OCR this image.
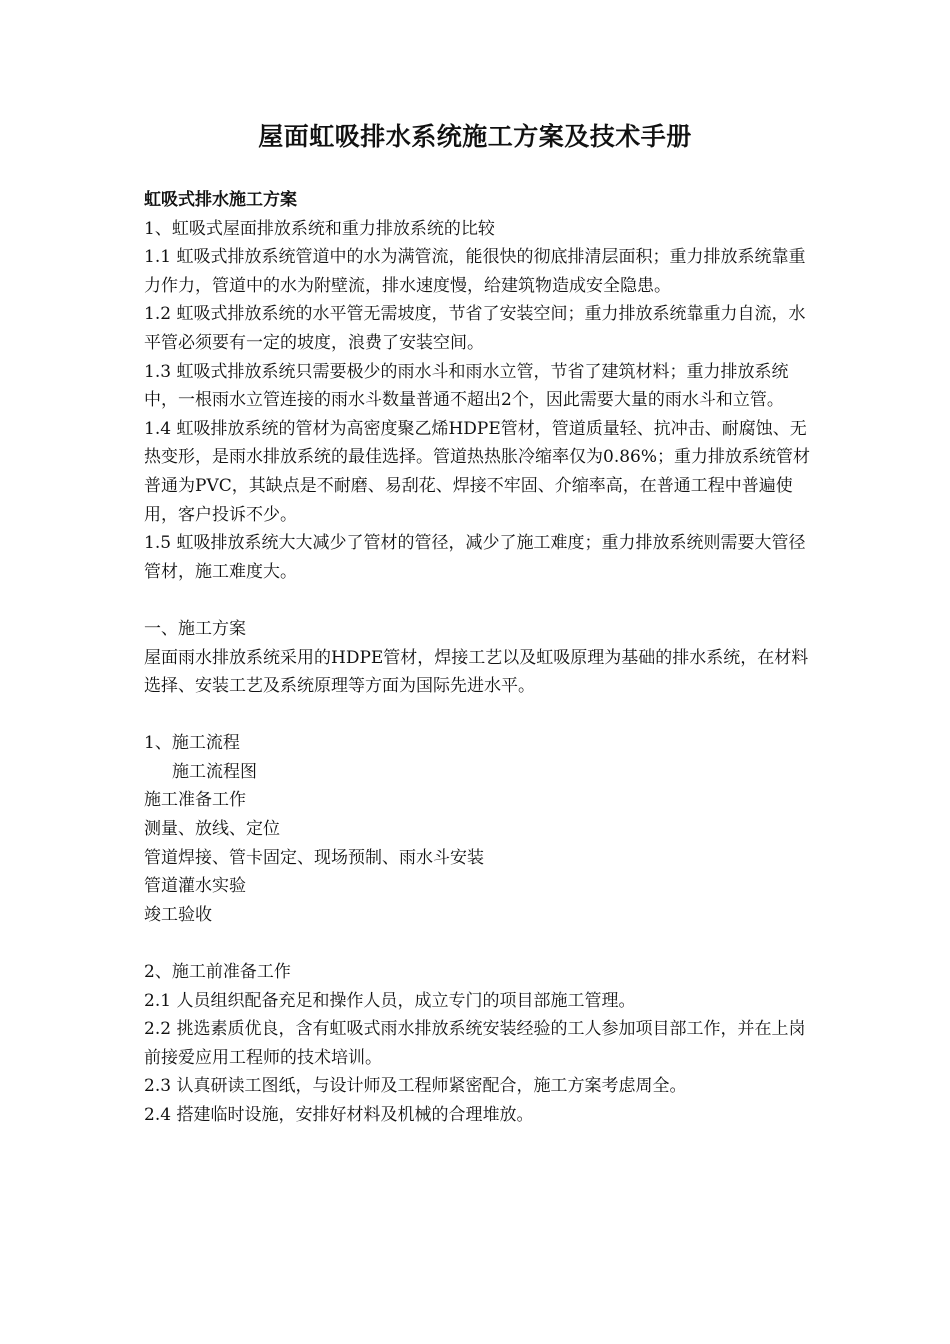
屋面虹吸排水系统施工方案及技术手册

虹吸式排水施工方案

1、虹吸式屋面排放系统和重力排放系统的比较

1.1 虹吸式排放系统管道中的水为满管流，能很快的彻底排清层面积；重力排放系统靠重力作力，管道中的水为附壁流，排水速度慢，给建筑物造成安全隐患。

1.2 虹吸式排放系统的水平管无需坡度，节省了安装空间；重力排放系统靠重力自流，水平管必须要有一定的坡度，浪费了安装空间。

1.3 虹吸式排放系统只需要极少的雨水斗和雨水立管，节省了建筑材料；重力排放系统中，一根雨水立管连接的雨水斗数量普通不超出2个，因此需要大量的雨水斗和立管。

1.4 虹吸排放系统的管材为高密度聚乙烯HDPE管材，管道质量轻、抗冲击、耐腐蚀、无热变形，是雨水排放系统的最佳选择。管道热热胀冷缩率仅为0.86%；重力排放系统管材普通为PVC，其缺点是不耐磨、易刮花、焊接不牢固、介缩率高，在普通工程中普遍使用，客户投诉不少。

1.5 虹吸排放系统大大减少了管材的管径，减少了施工难度；重力排放系统则需要大管径管材，施工难度大。

一、施工方案

屋面雨水排放系统采用的HDPE管材，焊接工艺以及虹吸原理为基础的排水系统，在材料选择、安装工艺及系统原理等方面为国际先进水平。

1、施工流程

施工流程图

施工准备工作

测量、放线、定位

管道焊接、管卡固定、现场预制、雨水斗安装

管道灌水实验

竣工验收

2、施工前准备工作

2.1 人员组织配备充足和操作人员，成立专门的项目部施工管理。

2.2 挑选素质优良，含有虹吸式雨水排放系统安装经验的工人参加项目部工作，并在上岗前接爱应用工程师的技术培训。

2.3 认真研读工图纸，与设计师及工程师紧密配合，施工方案考虑周全。

2.4 搭建临时设施，安排好材料及机械的合理堆放。
